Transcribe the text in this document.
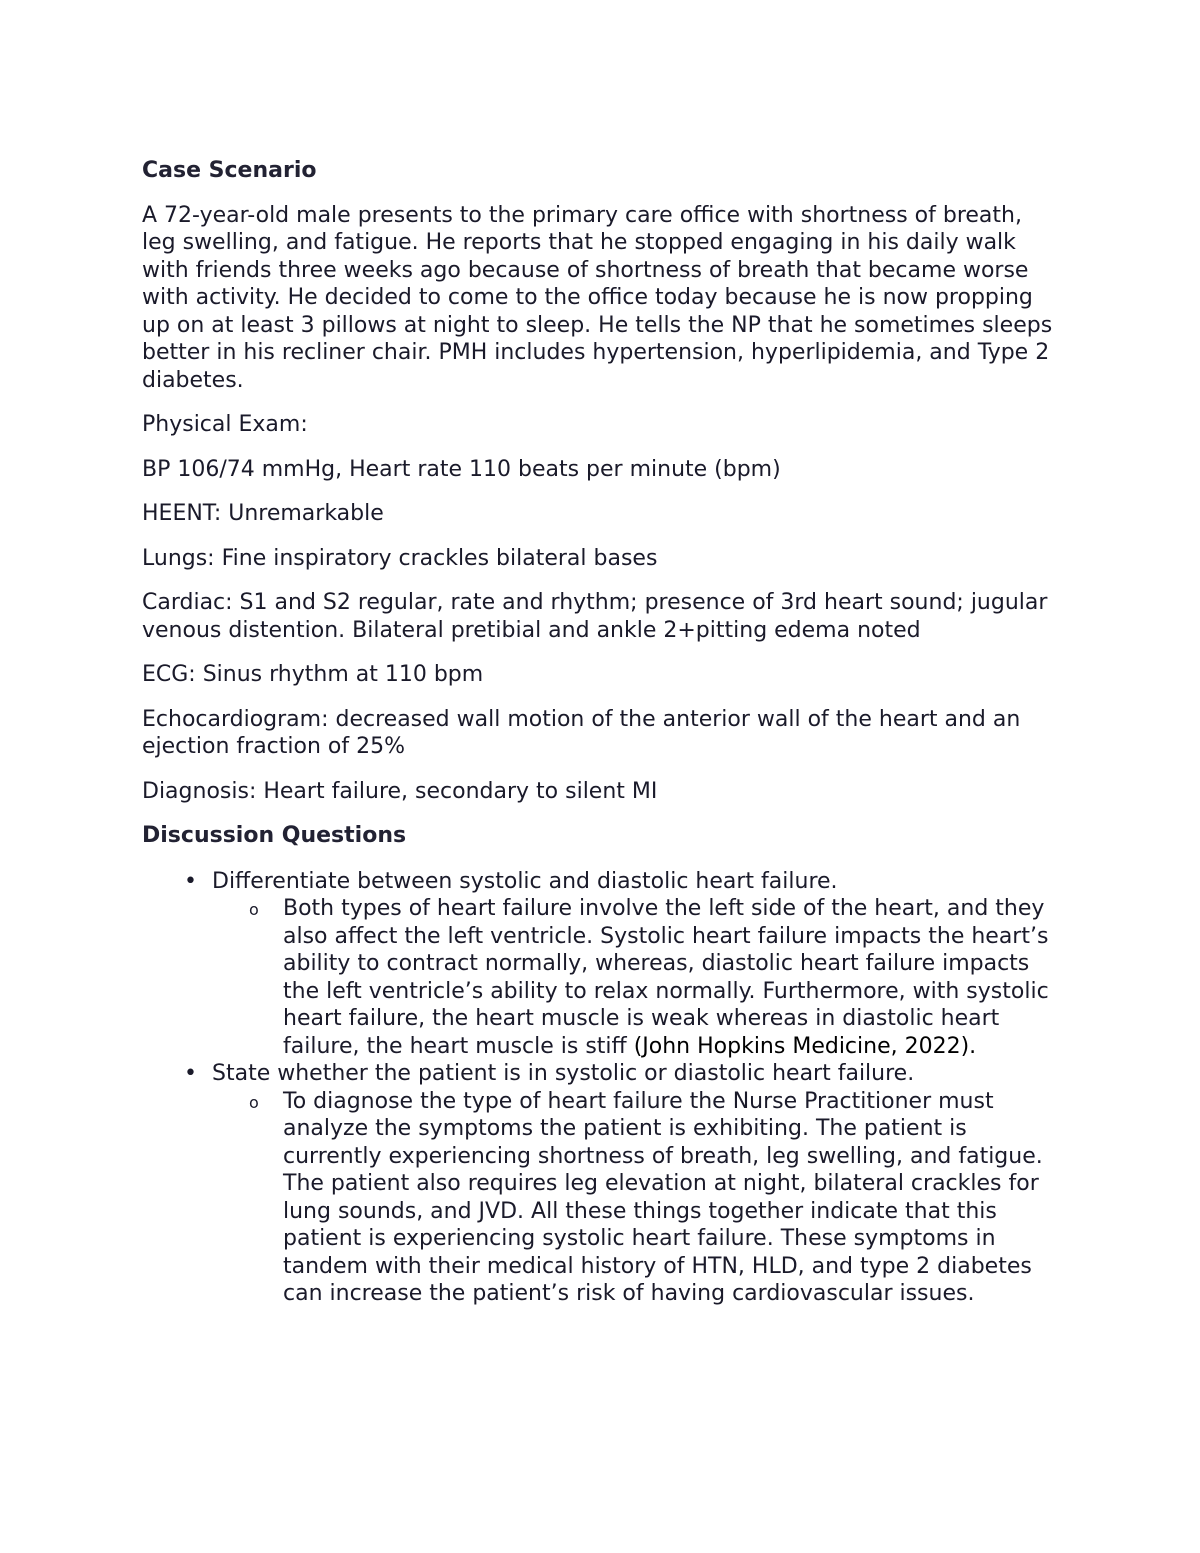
Case Scenario
A 72-year-old male presents to the primary care office with shortness of breath, leg swelling, and fatigue. He reports that he stopped engaging in his daily walk with friends three weeks ago because of shortness of breath that became worse with activity. He decided to come to the office today because he is now propping up on at least 3 pillows at night to sleep. He tells the NP that he sometimes sleeps better in his recliner chair. PMH includes hypertension, hyperlipidemia, and Type 2 diabetes.
Physical Exam:
BP 106/74 mmHg, Heart rate 110 beats per minute (bpm)
HEENT: Unremarkable
Lungs: Fine inspiratory crackles bilateral bases
Cardiac: S1 and S2 regular, rate and rhythm; presence of 3rd heart sound; jugular venous distention. Bilateral pretibial and ankle 2+pitting edema noted
ECG: Sinus rhythm at 110 bpm
Echocardiogram: decreased wall motion of the anterior wall of the heart and an ejection fraction of 25%
Diagnosis: Heart failure, secondary to silent MI
Discussion Questions
• Differentiate between systolic and diastolic heart failure.
o Both types of heart failure involve the left side of the heart, and they also affect the left ventricle. Systolic heart failure impacts the heart’s ability to contract normally, whereas, diastolic heart failure impacts the left ventricle’s ability to relax normally. Furthermore, with systolic heart failure, the heart muscle is weak whereas in diastolic heart failure, the heart muscle is stiff (John Hopkins Medicine, 2022).
• State whether the patient is in systolic or diastolic heart failure.
o To diagnose the type of heart failure the Nurse Practitioner must analyze the symptoms the patient is exhibiting. The patient is currently experiencing shortness of breath, leg swelling, and fatigue. The patient also requires leg elevation at night, bilateral crackles for lung sounds, and JVD. All these things together indicate that this patient is experiencing systolic heart failure. These symptoms in tandem with their medical history of HTN, HLD, and type 2 diabetes can increase the patient’s risk of having cardiovascular issues.
